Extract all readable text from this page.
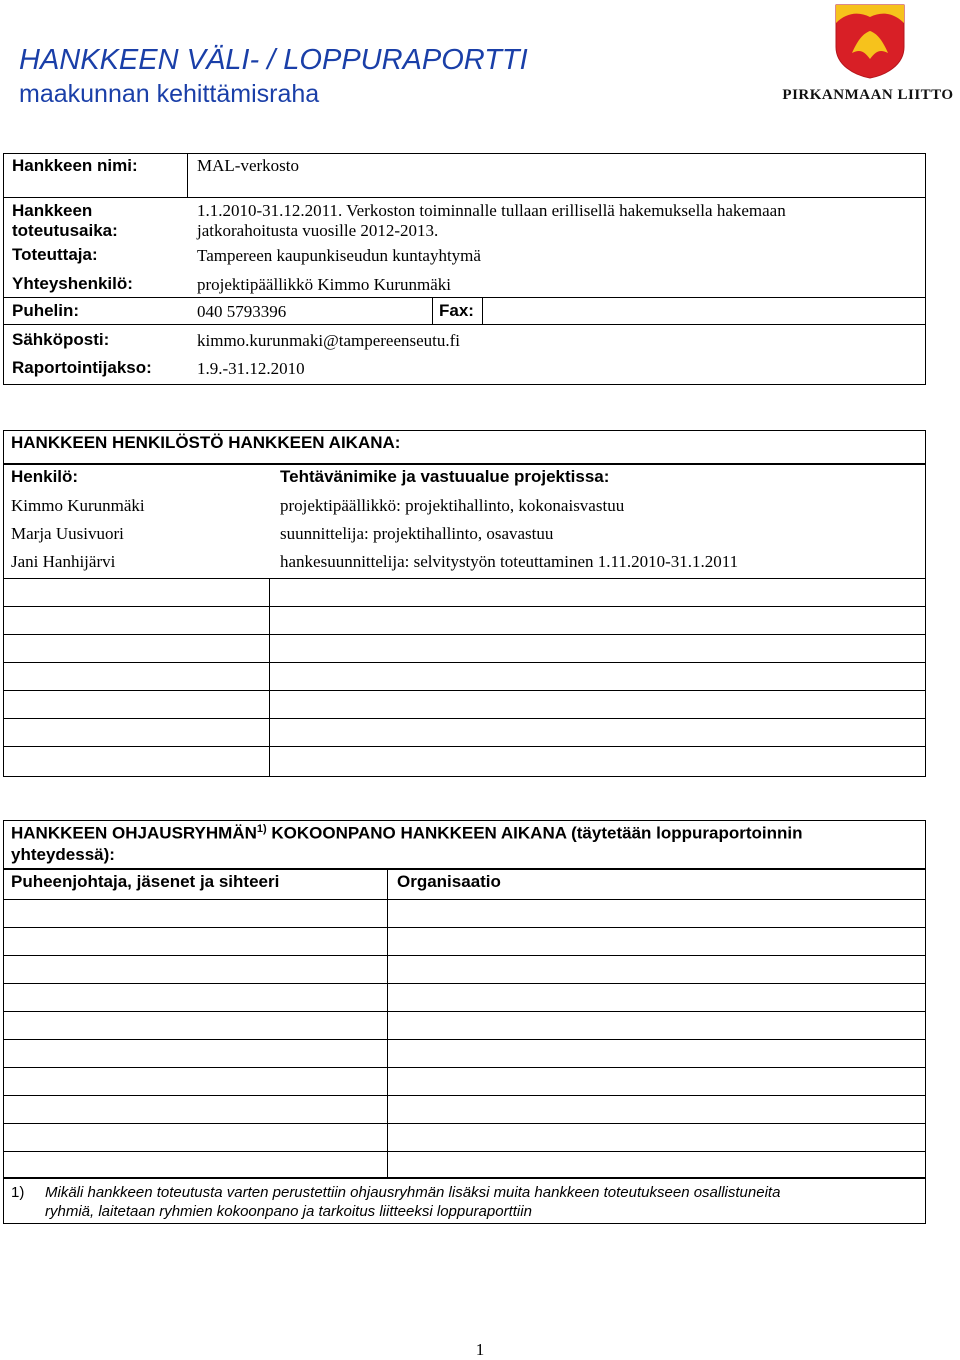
HANKKEEN VÄLI- / LOPPURAPORTTI
maakunnan kehittämisraha	PIRKANMAAN LIITTO
Hankkeen nimi:	MAL-verkosto
Hankkeen
toteutusaika:
1.1.2010-31.12.2011. Verkoston toiminnalle tullaan erillisellä hakemuksella hakemaan
jatkorahoitusta vuosille 2012-2013.
Toteuttaja:	Tampereen kaupunkiseudun kuntayhtymä
Yhteyshenkilö:	projektipäällikkö Kimmo Kurunmäki
Puhelin:	040 5793396	Fax:
Sähköposti:	kimmo.kurunmaki@tampereenseutu.fi
Raportointijakso:	1.9.-31.12.2010
HANKKEEN HENKILÖSTÖ HANKKEEN AIKANA:
Henkilö:	Tehtävänimike ja vastuualue projektissa:
Kimmo Kurunmäki	projektipäällikkö: projektihallinto, kokonaisvastuu
Marja Uusivuori	suunnittelija: projektihallinto, osavastuu
Jani Hanhijärvi	hankesuunnittelija: selvitystyön toteuttaminen 1.11.2010-31.1.2011
HANKKEEN OHJAUSRYHMÄN$^{1)}$ KOKOONPANO HANKKEEN AIKANA (täytetään loppuraportoinnin
yhteydessä):
Puheenjohtaja, jäsenet ja sihteeri	Organisaatio
1) Mikäli hankkeen toteutusta varten perustettiin ohjausryhmän lisäksi muita hankkeen toteutukseen osallistuneita
ryhmiä, laitetaan ryhmien kokoonpano ja tarkoitus liitteeksi loppuraporttiin
1
